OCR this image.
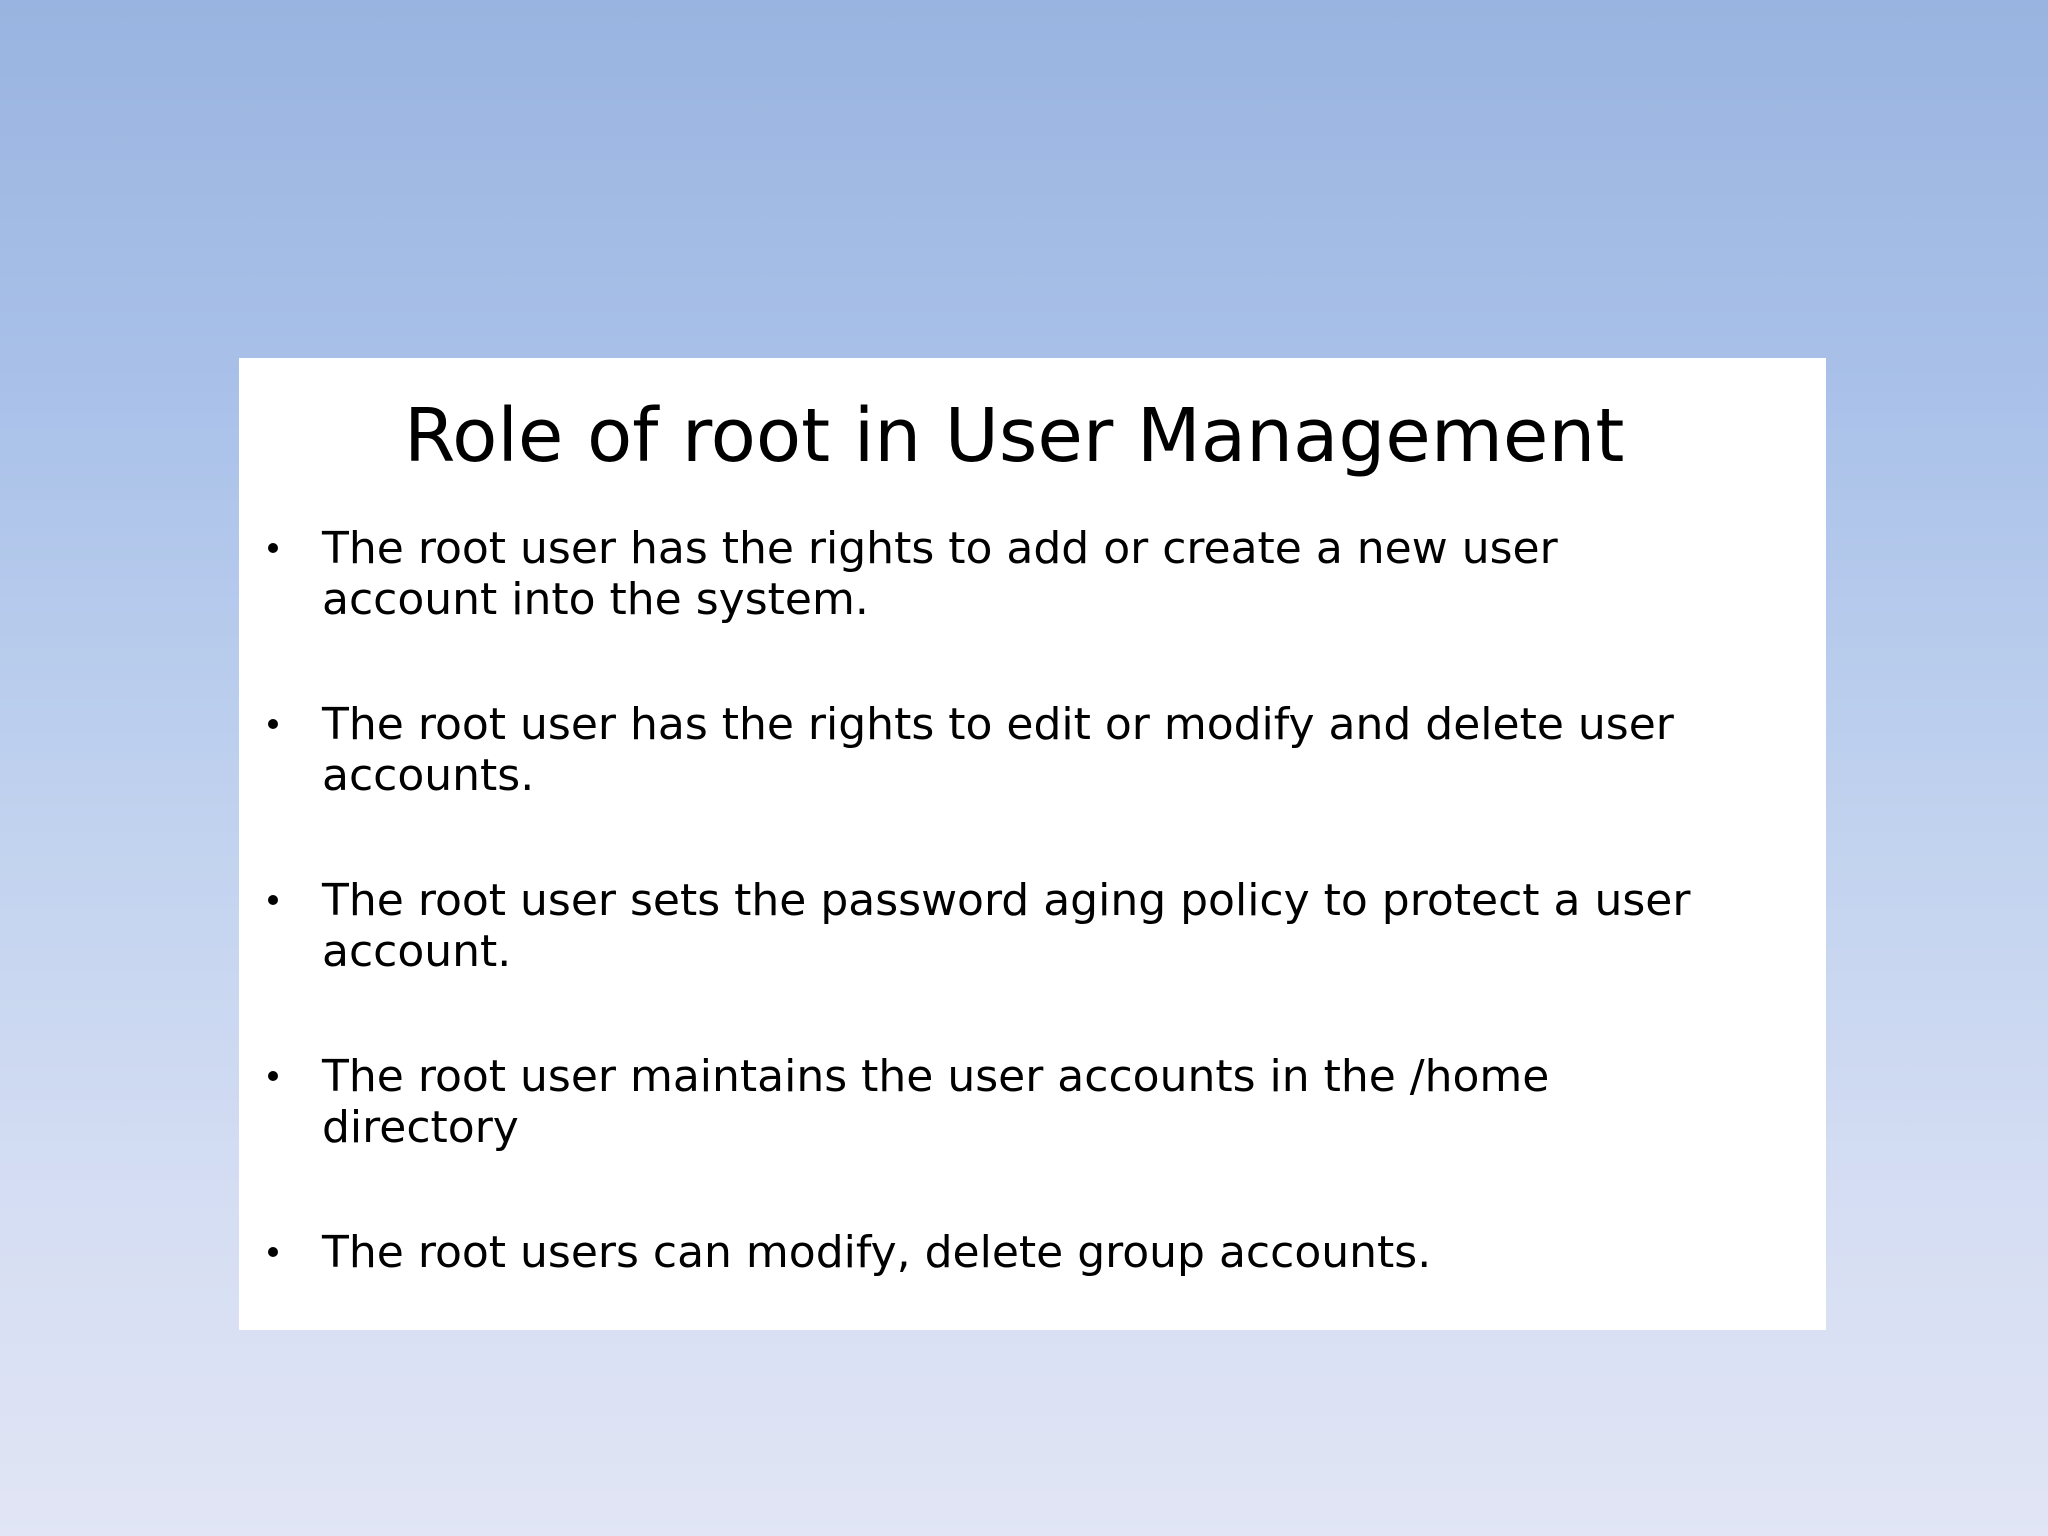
Role of root in User Management
The root user has the rights to add or create a new user
account into the system.
The root user has the rights to edit or modify and delete user
accounts.
The root user sets the password aging policy to protect a user
account.
The root user maintains the user accounts in the /home
directory
The root users can modify, delete group accounts.
